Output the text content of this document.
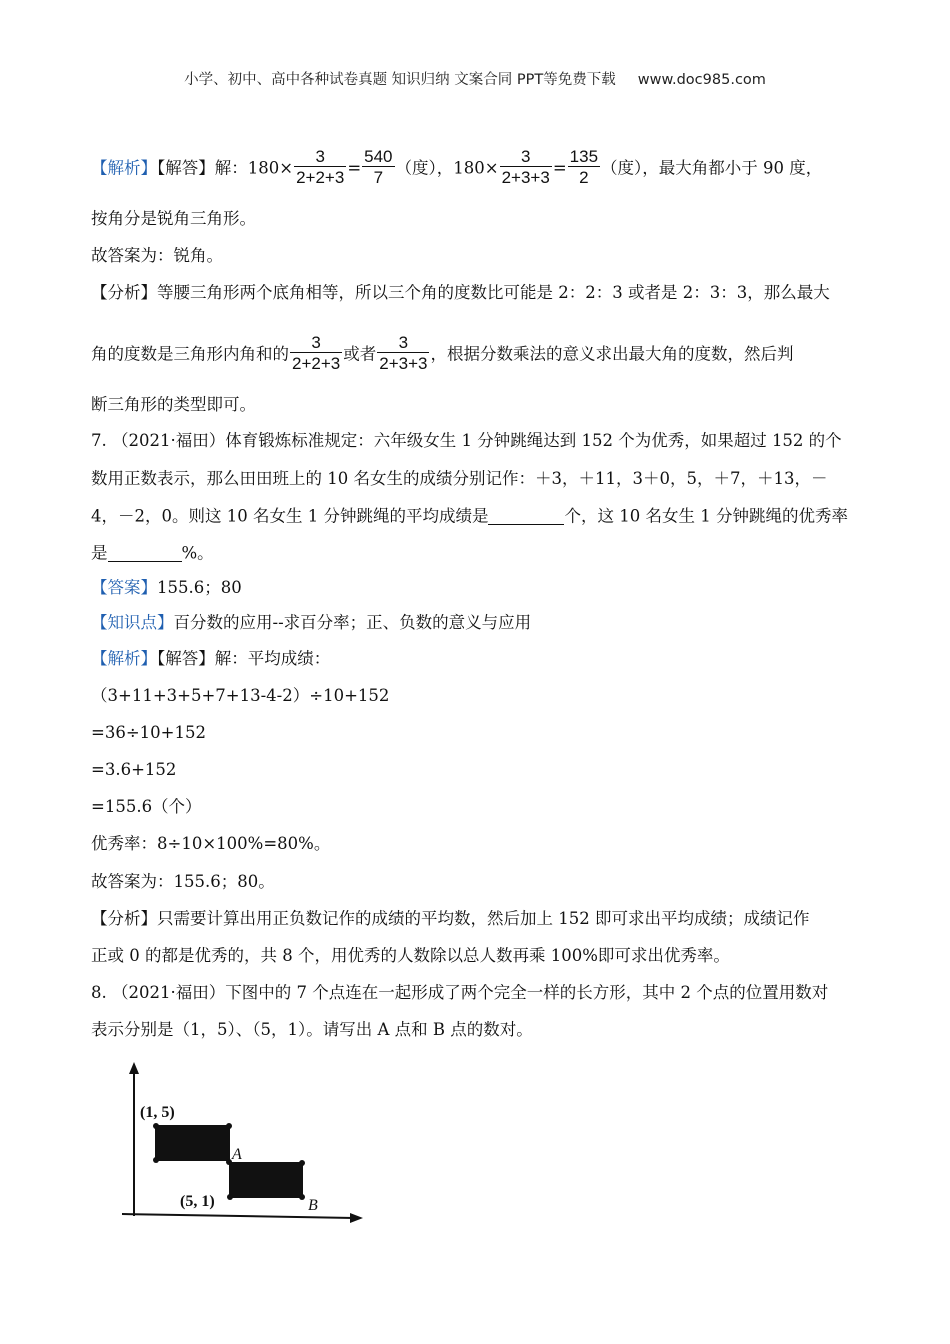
小学、初中、高中各种试卷真题 知识归纳 文案合同 PPT等免费下载 www.doc985.com
【解析】【解答】解：$180\times \frac{3}{2+2+3} = \frac{540}{7}$ （度），$180\times \frac{3}{2+3+3} = \frac{135}{2}$ （度），最大角都小于 90 度，
按角分是锐角三角形。
故答案为：锐角。
【分析】等腰三角形两个底角相等，所以三个角的度数比可能是 2：2：3 或者是 2：3：3，那么最大
角的度数是三角形内角和的 $\frac{3}{2+2+3}$ 或者 $\frac{3}{2+3+3}$ ，根据分数乘法的意义求出最大角的度数，然后判
断三角形的类型即可。
7. （2021·福田）体育锻炼标准规定：六年级女生 1 分钟跳绳达到 152 个为优秀，如果超过 152 的个
数用正数表示，那么田田班上的 10 名女生的成绩分别记作：＋3，＋11，3＋0，5，＋7，＋13，－
4，－2，0。则这 10 名女生 1 分钟跳绳的平均成绩是	个，这 10 名女生 1 分钟跳绳的优秀率
是	%。
【答案】155.6；80
【知识点】百分数的应用--求百分率；正、负数的意义与应用
【解析】【解答】解：平均成绩：
（3+11+3+5+7+13-4-2）÷10+152
=36÷10+152
=3.6+152
=155.6（个）
优秀率：8÷10×100%=80%。
故答案为：155.6；80。
【分析】只需要计算出用正负数记作的成绩的平均数，然后加上 152 即可求出平均成绩；成绩记作
正或 0 的都是优秀的，共 8 个，用优秀的人数除以总人数再乘 100%即可求出优秀率。
8. （2021·福田）下图中的 7 个点连在一起形成了两个完全一样的长方形，其中 2 个点的位置用数对
表示分别是（1，5）、（5，1）。请写出 A 点和 B 点的数对。
(1, 5)
A
(5, 1)	B
